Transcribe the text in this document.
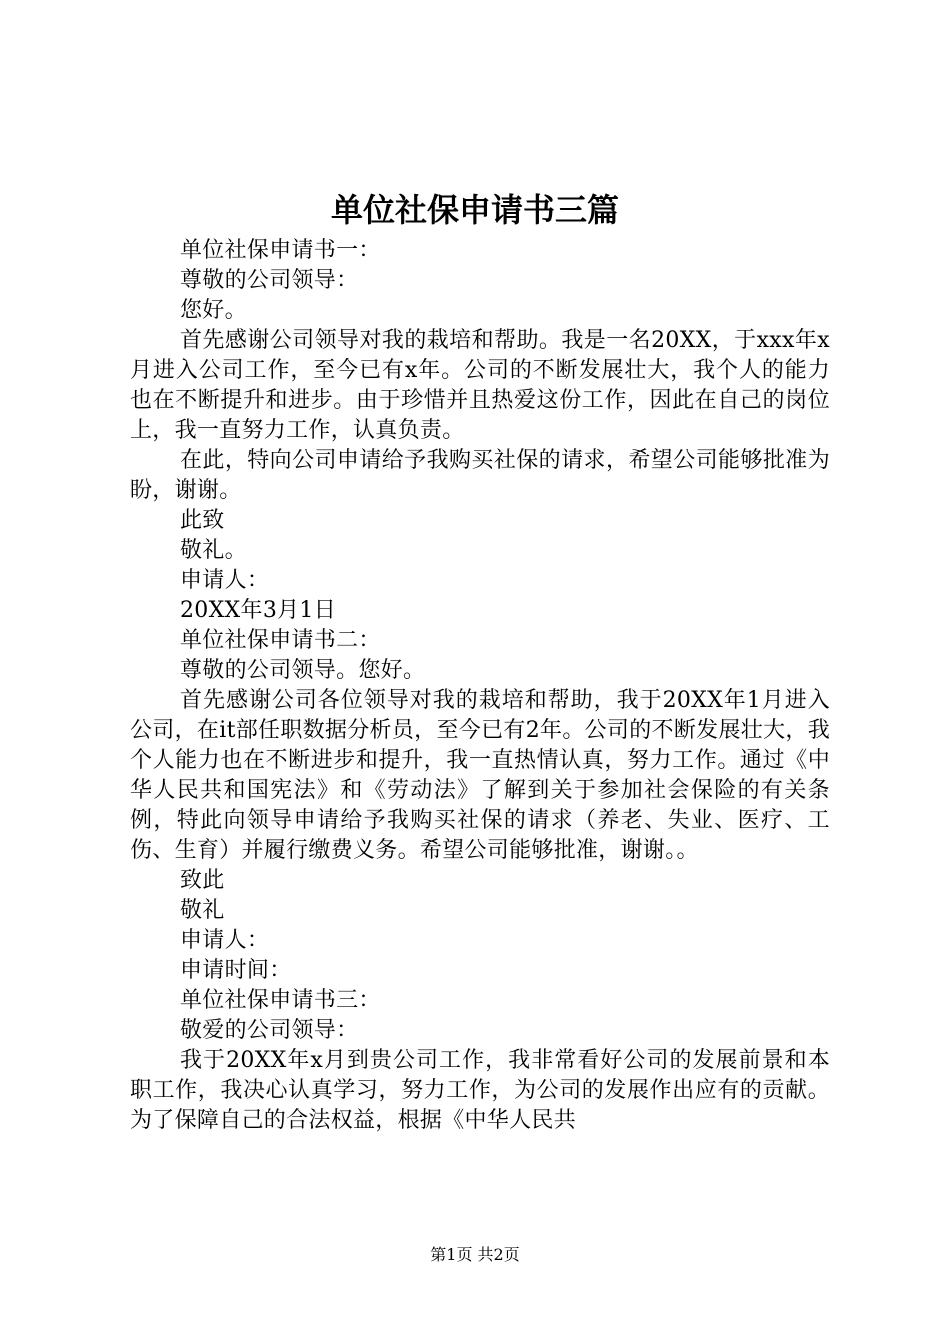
单位社保申请书三篇

单位社保申请书一：

尊敬的公司领导：

您好。

首先感谢公司领导对我的栽培和帮助。我是一名20XX，于xxx年x月进入公司工作，至今已有x年。公司的不断发展壮大，我个人的能力也在不断提升和进步。由于珍惜并且热爱这份工作，因此在自己的岗位上，我一直努力工作，认真负责。

在此，特向公司申请给予我购买社保的请求，希望公司能够批准为盼，谢谢。

此致

敬礼。

申请人：

20XX年3月1日

单位社保申请书二：

尊敬的公司领导。您好。

首先感谢公司各位领导对我的栽培和帮助，我于20XX年1月进入公司，在it部任职数据分析员，至今已有2年。公司的不断发展壮大，我个人能力也在不断进步和提升，我一直热情认真，努力工作。通过《中华人民共和国宪法》和《劳动法》了解到关于参加社会保险的有关条例，特此向领导申请给予我购买社保的请求（养老、失业、医疗、工伤、生育）并履行缴费义务。希望公司能够批准，谢谢。。

致此

敬礼

申请人：

申请时间：

单位社保申请书三：

敬爱的公司领导：

我于20XX年x月到贵公司工作，我非常看好公司的发展前景和本职工作，我决心认真学习，努力工作，为公司的发展作出应有的贡献。为了保障自己的合法权益，根据《中华人民共

第1页 共2页
